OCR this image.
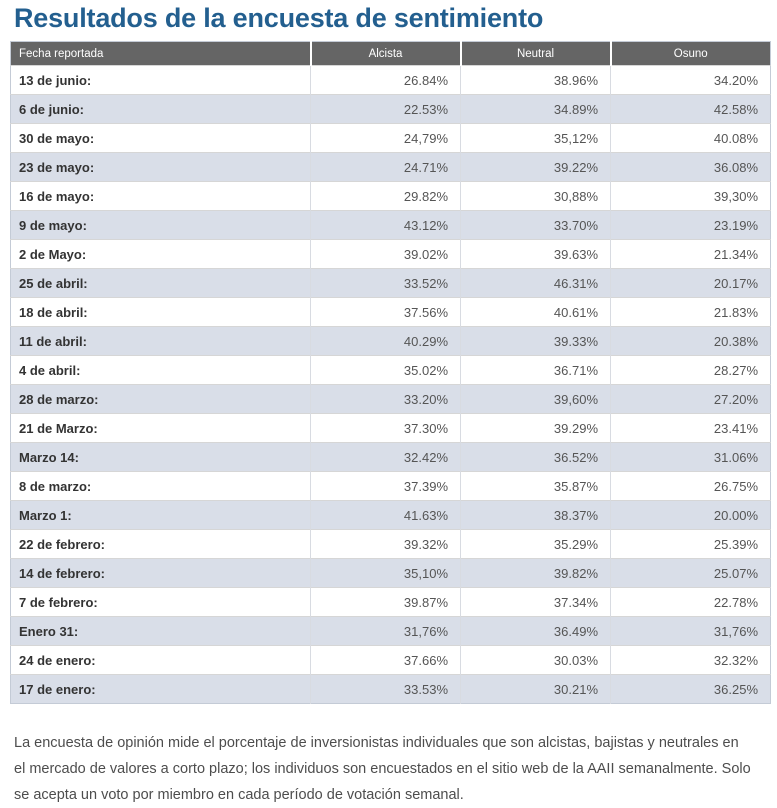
Resultados de la encuesta de sentimiento
Fecha reportada	Alcista	Neutral	Osuno
13 de junio:	26.84%	38.96%	34.20%
6 de junio:	22.53%	34.89%	42.58%
30 de mayo:	24,79%	35,12%	40.08%
23 de mayo:	24.71%	39.22%	36.08%
16 de mayo:	29.82%	30,88%	39,30%
9 de mayo:	43.12%	33.70%	23.19%
2 de Mayo:	39.02%	39.63%	21.34%
25 de abril:	33.52%	46.31%	20.17%
18 de abril:	37.56%	40.61%	21.83%
11 de abril:	40.29%	39.33%	20.38%
4 de abril:	35.02%	36.71%	28.27%
28 de marzo:	33.20%	39,60%	27.20%
21 de Marzo:	37.30%	39.29%	23.41%
Marzo 14:	32.42%	36.52%	31.06%
8 de marzo:	37.39%	35.87%	26.75%
Marzo 1:	41.63%	38.37%	20.00%
22 de febrero:	39.32%	35.29%	25.39%
14 de febrero:	35,10%	39.82%	25.07%
7 de febrero:	39.87%	37.34%	22.78%
Enero 31:	31,76%	36.49%	31,76%
24 de enero:	37.66%	30.03%	32.32%
17 de enero:	33.53%	30.21%	36.25%

La encuesta de opinión mide el porcentaje de inversionistas individuales que son alcistas, bajistas y neutrales en el mercado de valores a corto plazo; los individuos son encuestados en el sitio web de la AAII semanalmente. Solo se acepta un voto por miembro en cada período de votación semanal.
